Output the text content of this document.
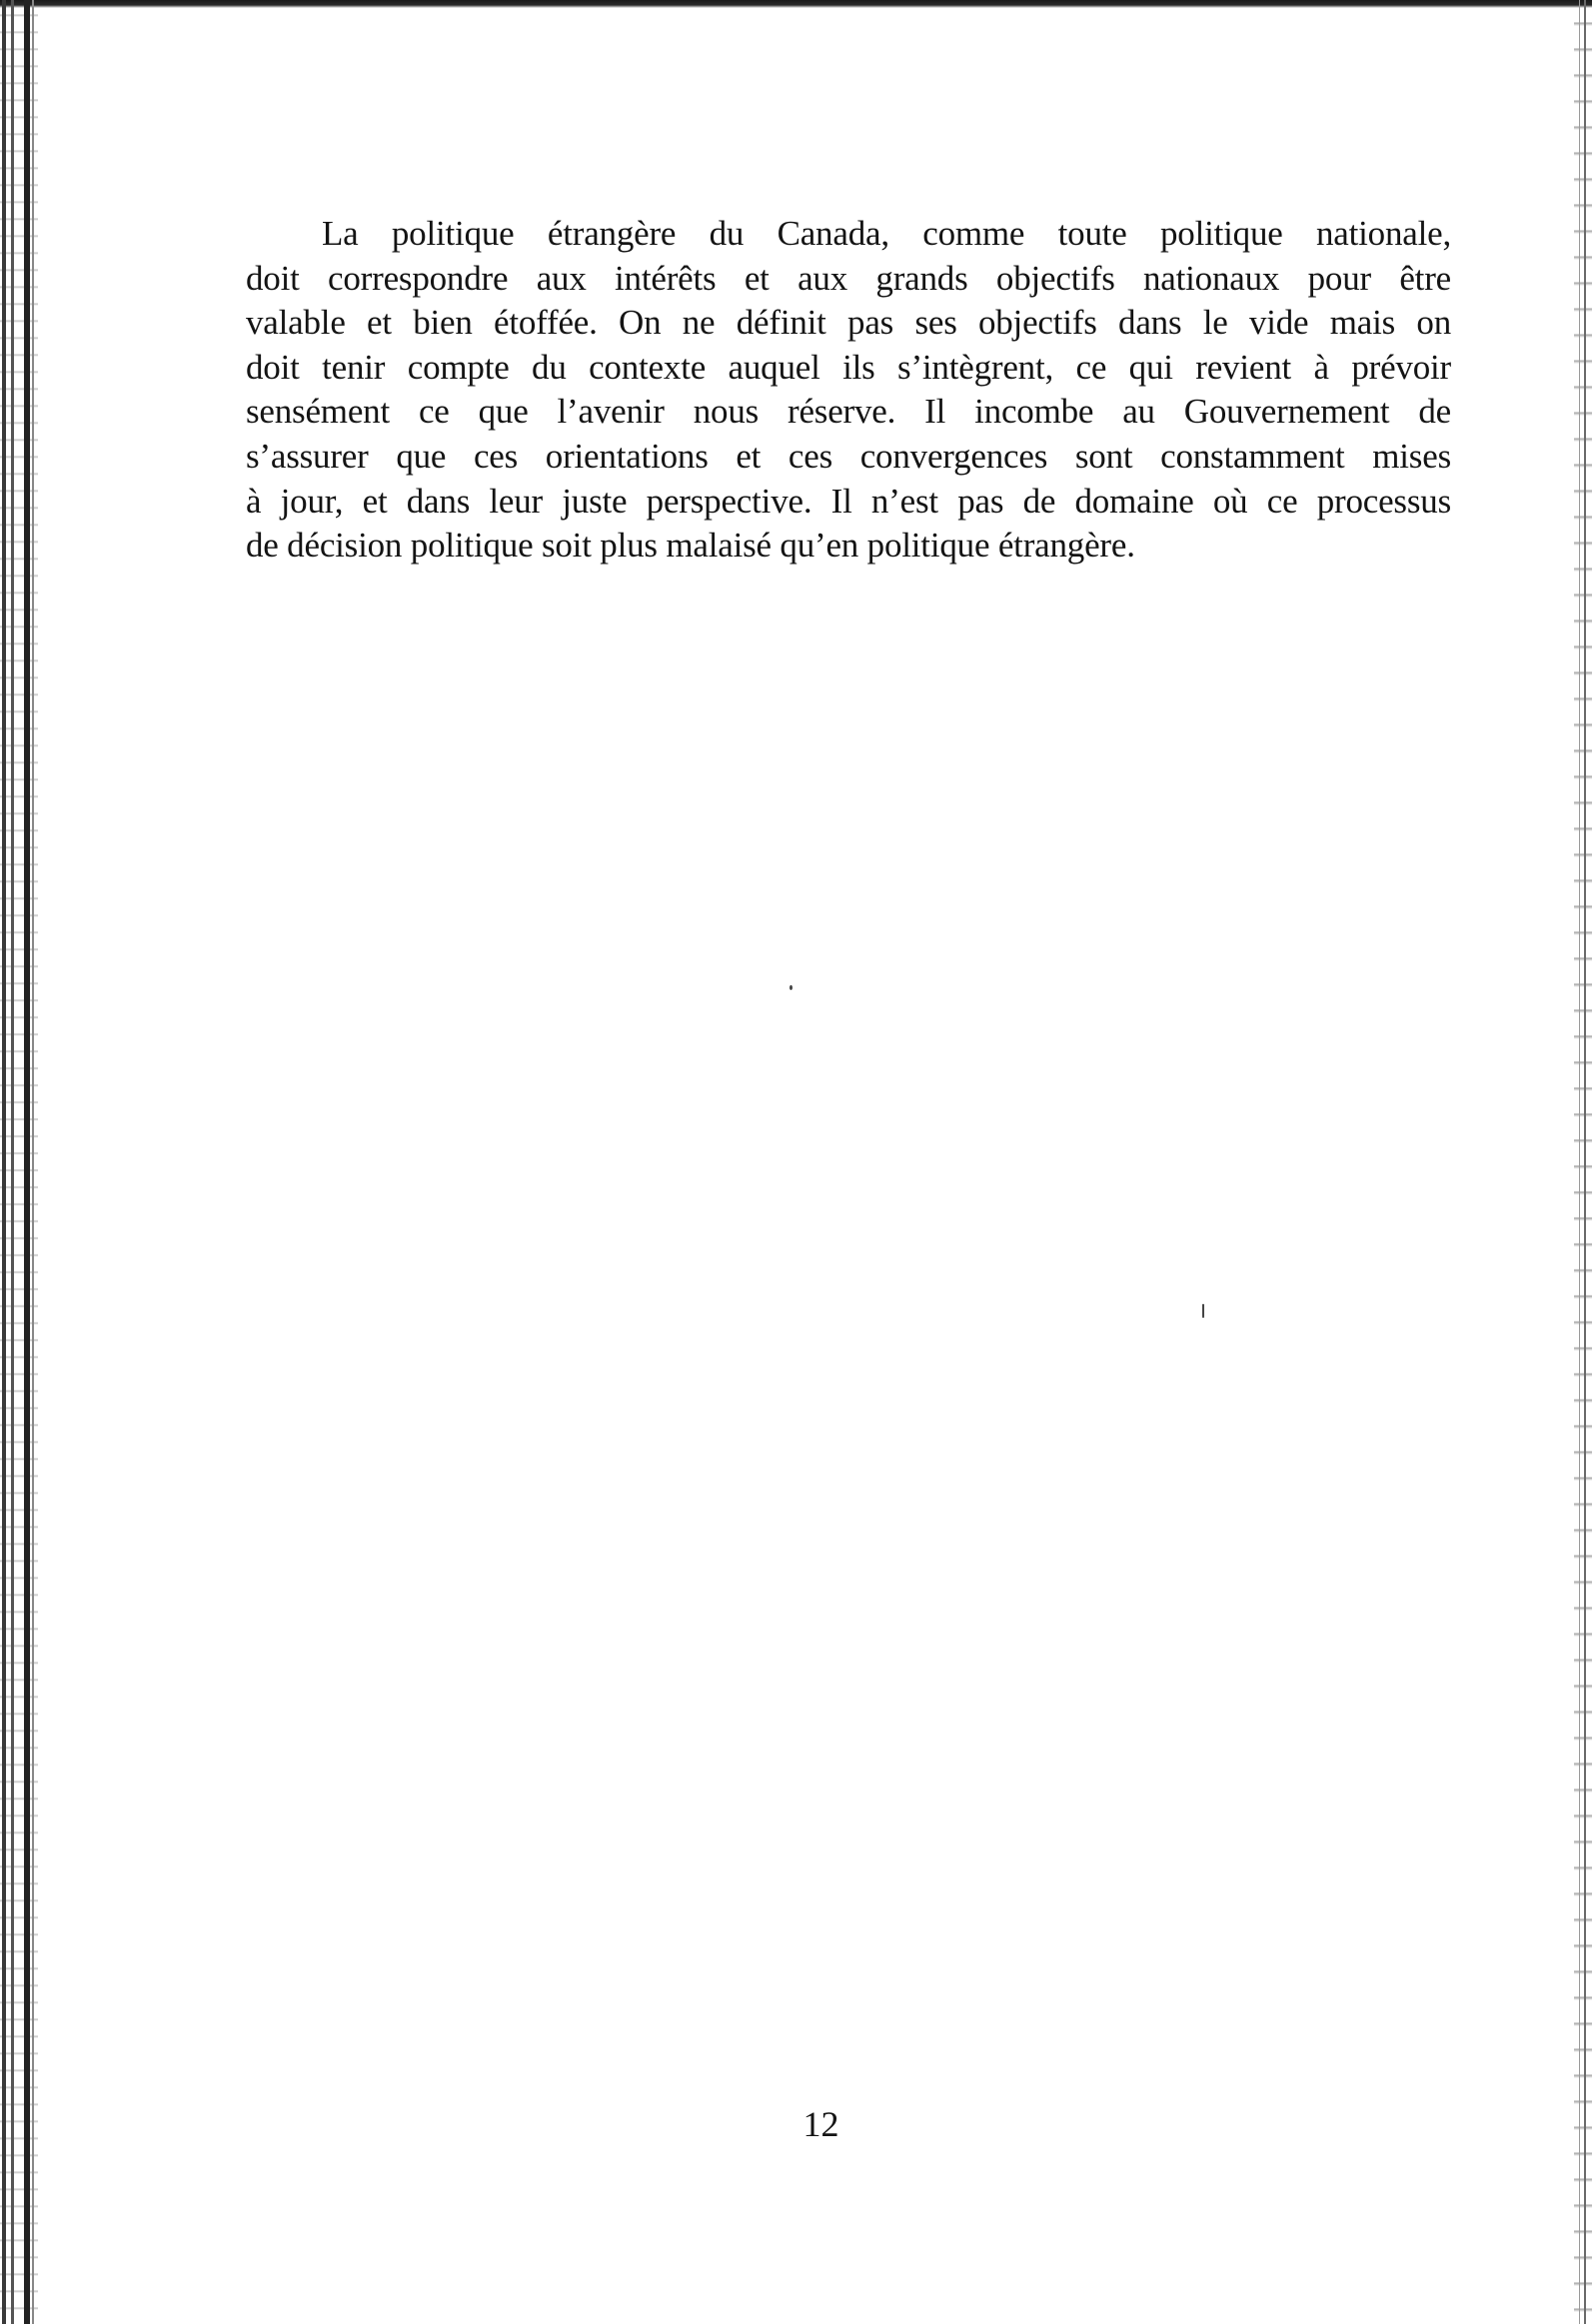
La politique étrangère du Canada, comme toute politique nationale,
doit correspondre aux intérêts et aux grands objectifs nationaux pour être
valable et bien étoffée. On ne définit pas ses objectifs dans le vide mais on
doit tenir compte du contexte auquel ils s’intègrent, ce qui revient à prévoir
sensément ce que l’avenir nous réserve. Il incombe au Gouvernement de
s’assurer que ces orientations et ces convergences sont constamment mises
à jour, et dans leur juste perspective. Il n’est pas de domaine où ce processus
de décision politique soit plus malaisé qu’en politique étrangère.

12
